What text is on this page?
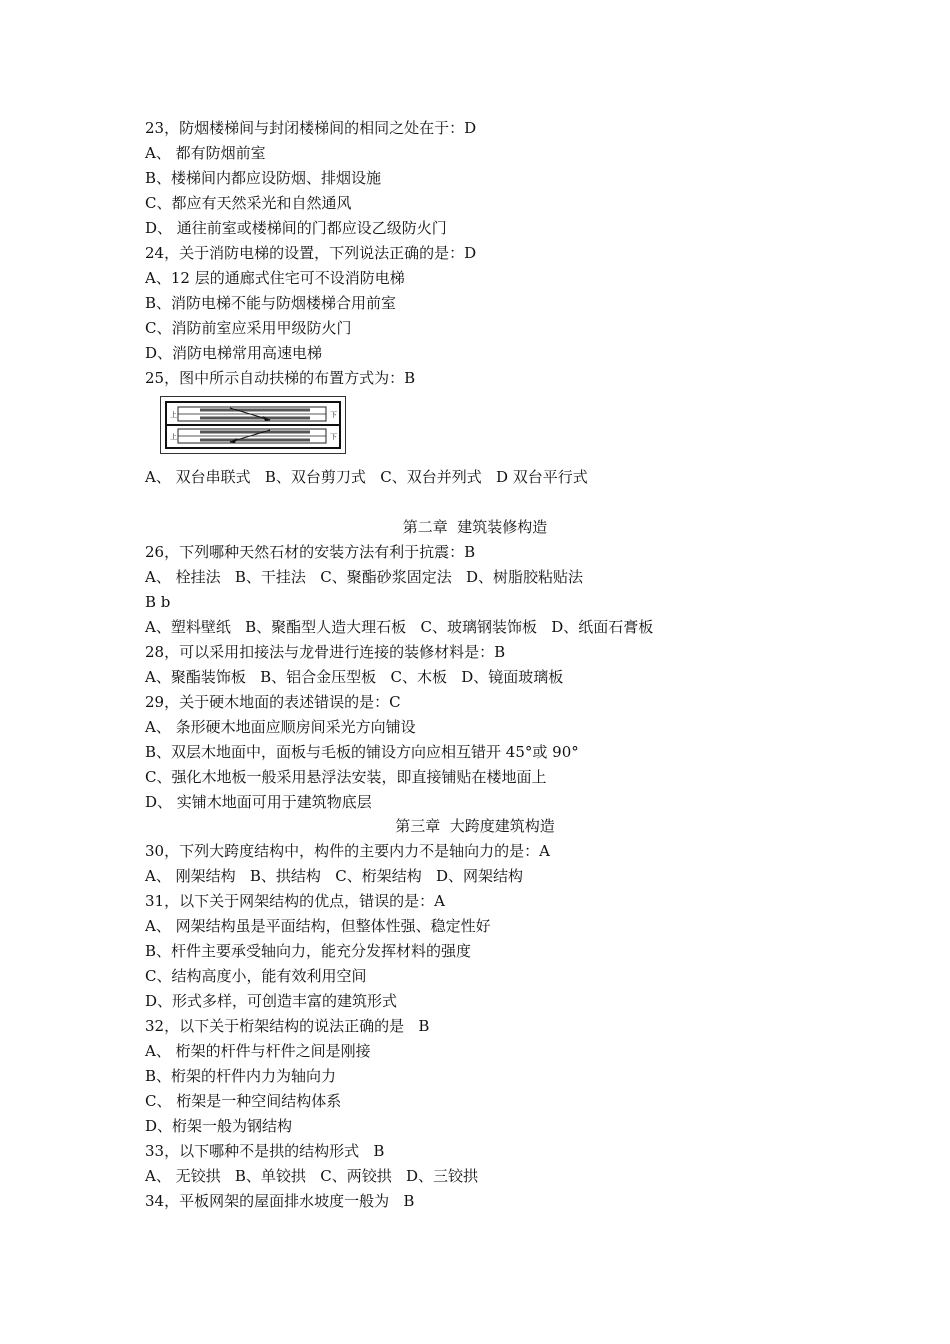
23，防烟楼梯间与封闭楼梯间的相同之处在于：D
A、 都有防烟前室
B、楼梯间内都应设防烟、排烟设施
C、都应有天然采光和自然通风
D、 通往前室或楼梯间的门都应设乙级防火门
24，关于消防电梯的设置，下列说法正确的是：D
A、12 层的通廊式住宅可不设消防电梯
B、消防电梯不能与防烟楼梯合用前室
C、消防前室应采用甲级防火门
D、消防电梯常用高速电梯
25，图中所示自动扶梯的布置方式为：B
上	下
上	下
A、 双台串联式   B、双台剪刀式   C、双台并列式   D 双台平行式
第二章  建筑装修构造
26，下列哪种天然石材的安装方法有利于抗震：B
A、 栓挂法   B、干挂法   C、聚酯砂浆固定法   D、树脂胶粘贴法
B b
A、塑料壁纸   B、聚酯型人造大理石板   C、玻璃钢装饰板   D、纸面石膏板
28，可以采用扣接法与龙骨进行连接的装修材料是：B
A、聚酯装饰板   B、铝合金压型板   C、木板   D、镜面玻璃板
29，关于硬木地面的表述错误的是：C
A、 条形硬木地面应顺房间采光方向铺设
B、双层木地面中，面板与毛板的铺设方向应相互错开 45°或 90°
C、强化木地板一般采用悬浮法安装，即直接铺贴在楼地面上
D、 实铺木地面可用于建筑物底层
第三章  大跨度建筑构造
30，下列大跨度结构中，构件的主要内力不是轴向力的是：A
A、 刚架结构   B、拱结构   C、桁架结构   D、网架结构
31，以下关于网架结构的优点，错误的是：A
A、 网架结构虽是平面结构，但整体性强、稳定性好
B、杆件主要承受轴向力，能充分发挥材料的强度
C、结构高度小，能有效利用空间
D、形式多样，可创造丰富的建筑形式
32，以下关于桁架结构的说法正确的是   B
A、 桁架的杆件与杆件之间是刚接
B、桁架的杆件内力为轴向力
C、 桁架是一种空间结构体系
D、桁架一般为钢结构
33，以下哪种不是拱的结构形式   B
A、 无铰拱   B、单铰拱   C、两铰拱   D、三铰拱
34，平板网架的屋面排水坡度一般为   B
